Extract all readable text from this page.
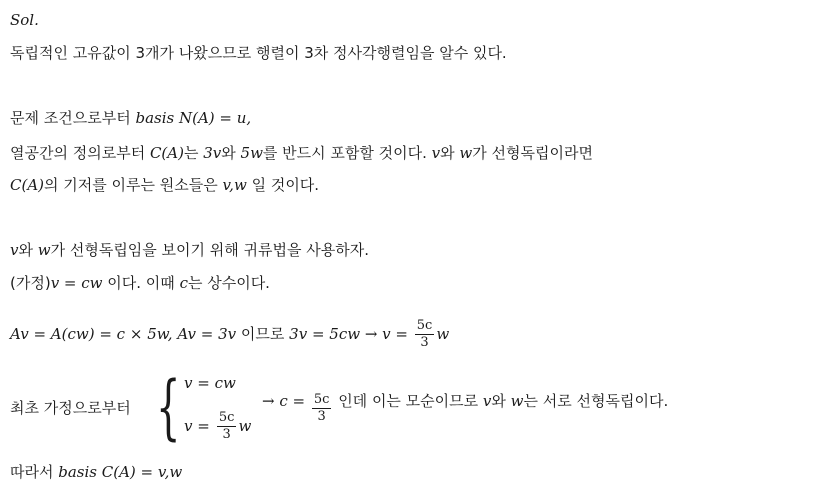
Sol.
독립적인 고유값이 3개가 나왔으므로 행렬이 3차 정사각행렬임을 알수 있다.
문제 조건으로부터 basis N(A) = u,
열공간의 정의로부터 C(A)는 3v와 5w를 반드시 포함할 것이다. v와 w가 선형독립이라면
C(A)의 기저를 이루는 원소들은 v,w 일 것이다.
v와 w가 선형독립임을 보이기 위해 귀류법을 사용하자.
(가정)v = cw 이다. 이때 c는 상수이다.
Av = A(cw) = c × 5w, Av = 3v 이므로 $3v = 5cw \to v = \frac{5c}{3}$ w
최초 가정으로부터 { v = cw
$v = \frac{5c}{3}$ w
→ $c = \frac{5c}{3}$ 인데 이는 모순이므로 v와 w는 서로 선형독립이다.
따라서 basis C(A) = v,w
